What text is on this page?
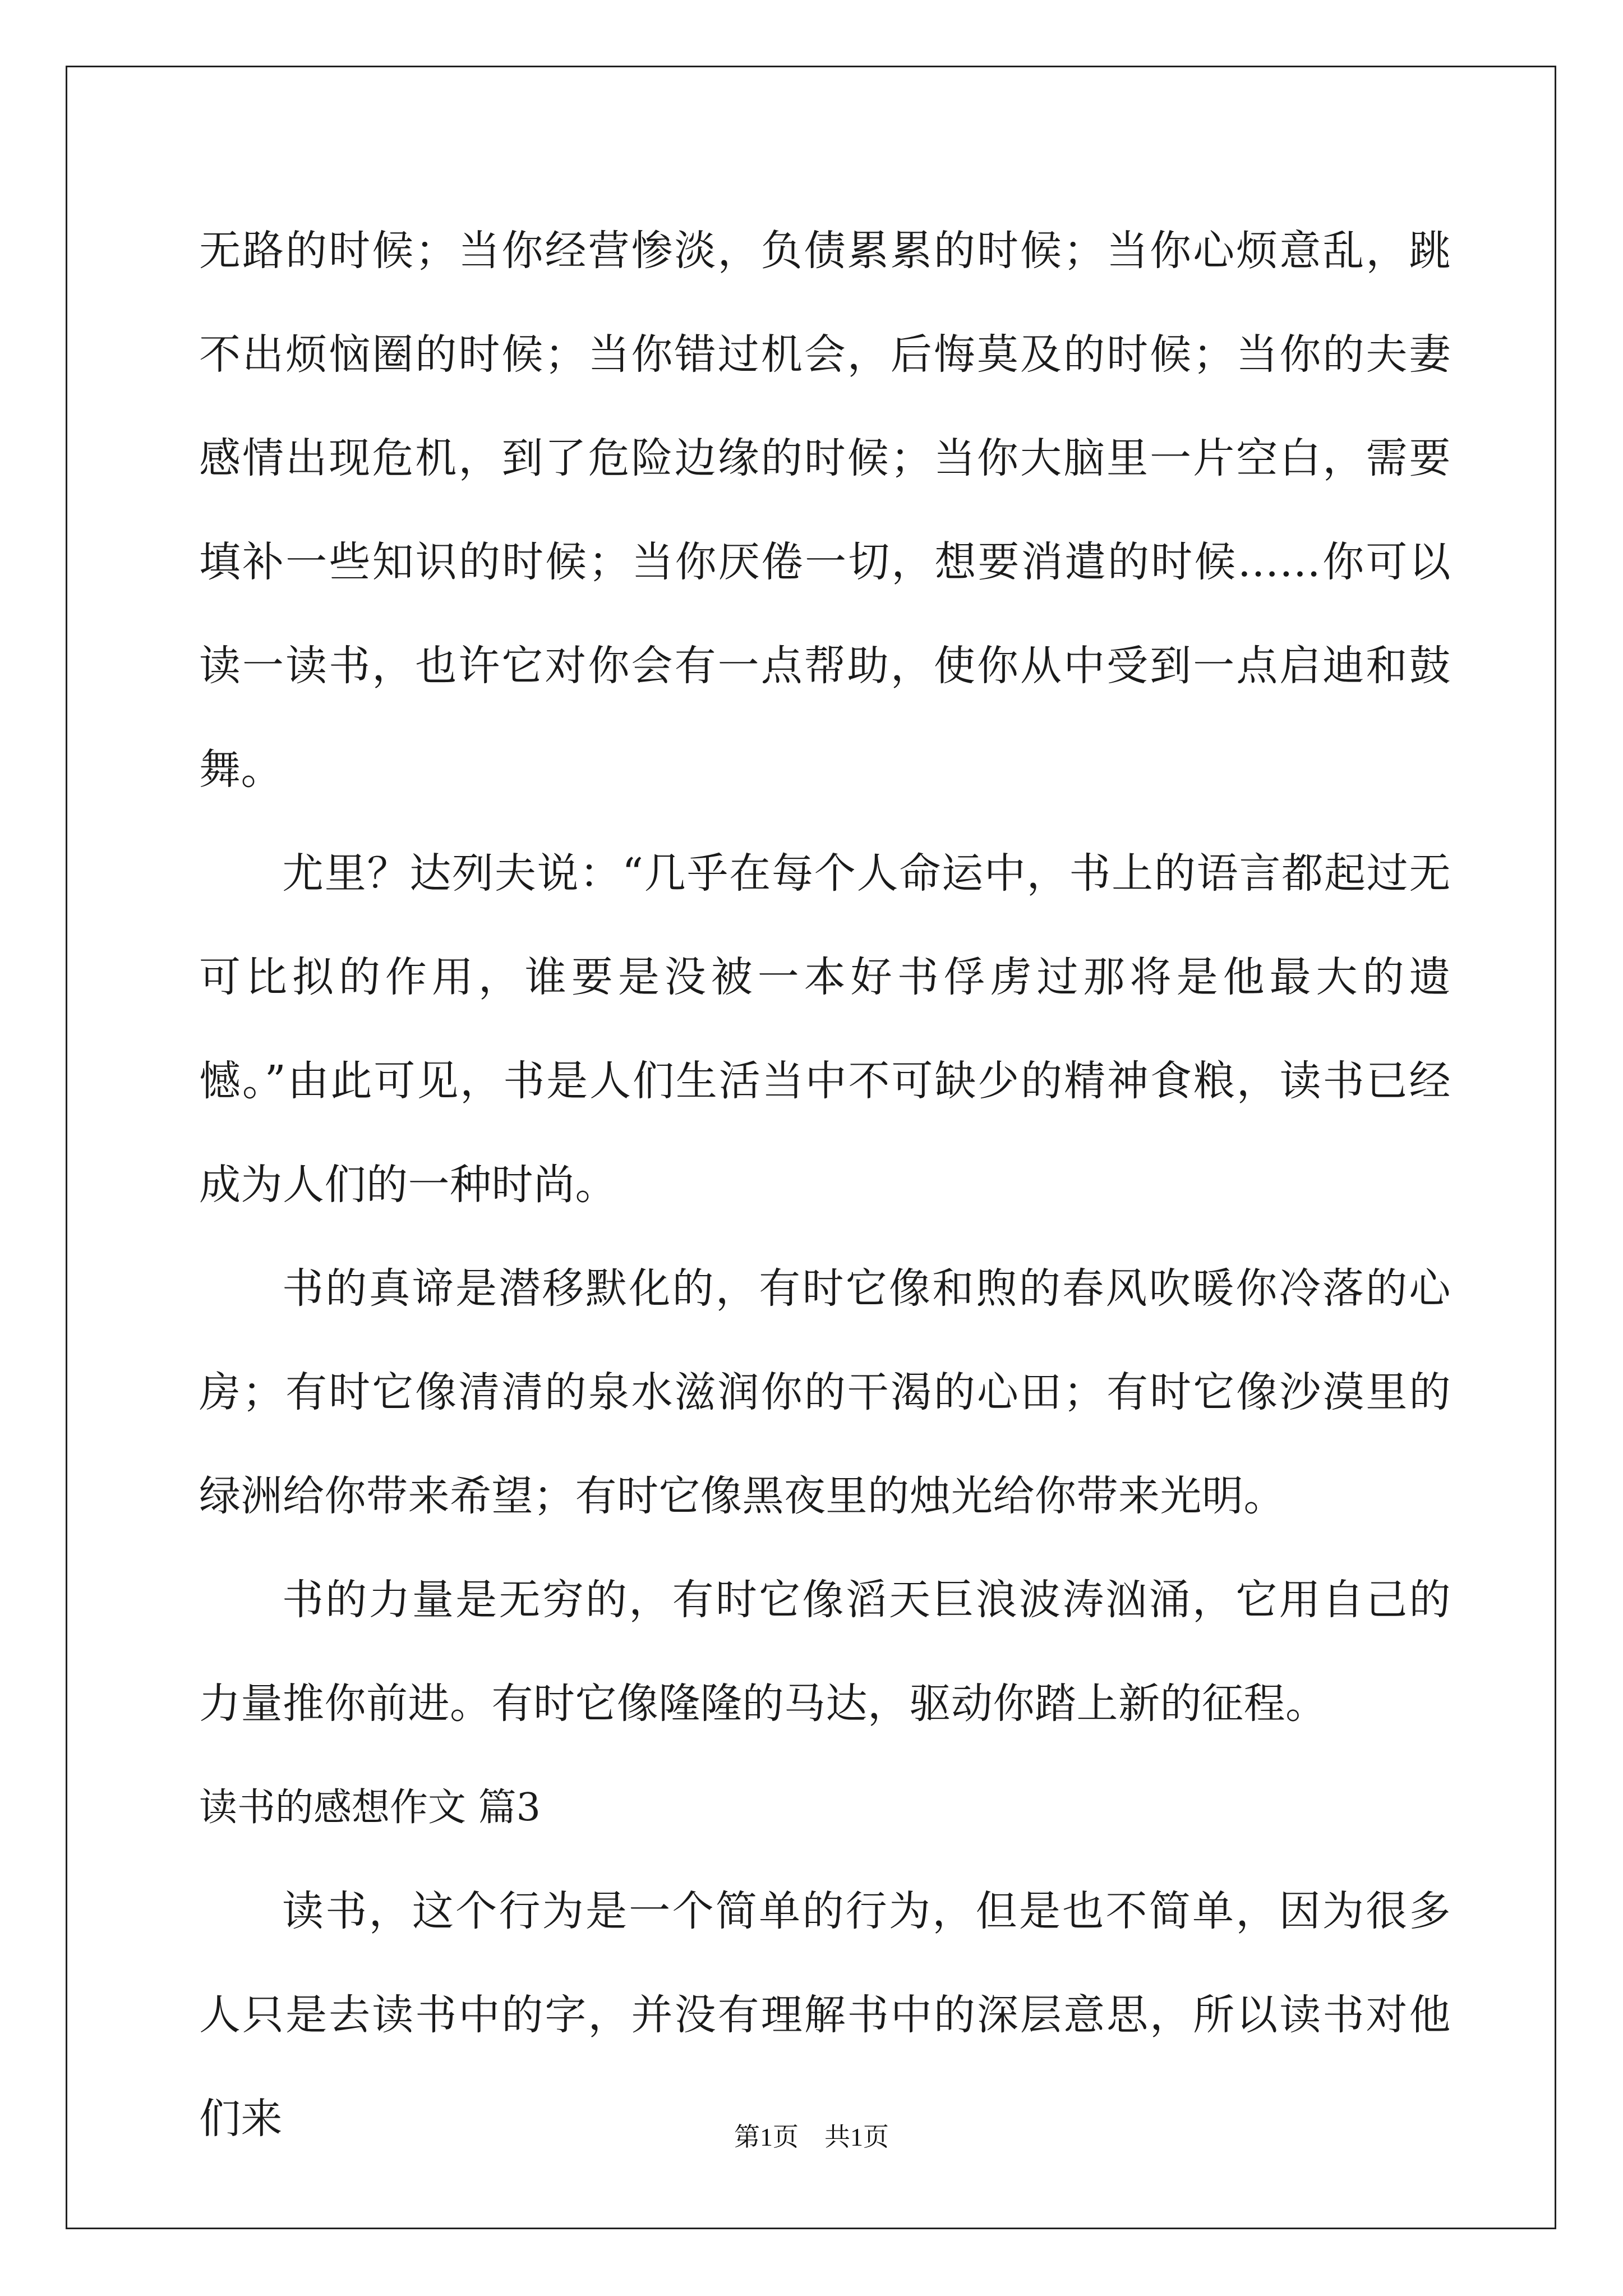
无路的时候；当你经营惨淡，负债累累的时候；当你心烦意乱，跳不出烦恼圈的时候；当你错过机会，后悔莫及的时候；当你的夫妻感情出现危机，到了危险边缘的时候；当你大脑里一片空白，需要填补一些知识的时候；当你厌倦一切，想要消遣的时候……你可以读一读书，也许它对你会有一点帮助，使你从中受到一点启迪和鼓舞。

尤里？达列夫说：“几乎在每个人命运中，书上的语言都起过无可比拟的作用，谁要是没被一本好书俘虏过那将是他最大的遗憾。”由此可见，书是人们生活当中不可缺少的精神食粮，读书已经成为人们的一种时尚。

书的真谛是潜移默化的，有时它像和煦的春风吹暖你冷落的心房；有时它像清清的泉水滋润你的干渴的心田；有时它像沙漠里的绿洲给你带来希望；有时它像黑夜里的烛光给你带来光明。

书的力量是无穷的，有时它像滔天巨浪波涛汹涌，它用自己的力量推你前进。有时它像隆隆的马达，驱动你踏上新的征程。

读书的感想作文 篇3

读书，这个行为是一个简单的行为，但是也不简单，因为很多人只是去读书中的字，并没有理解书中的深层意思，所以读书对他们来	第1页　共1页
